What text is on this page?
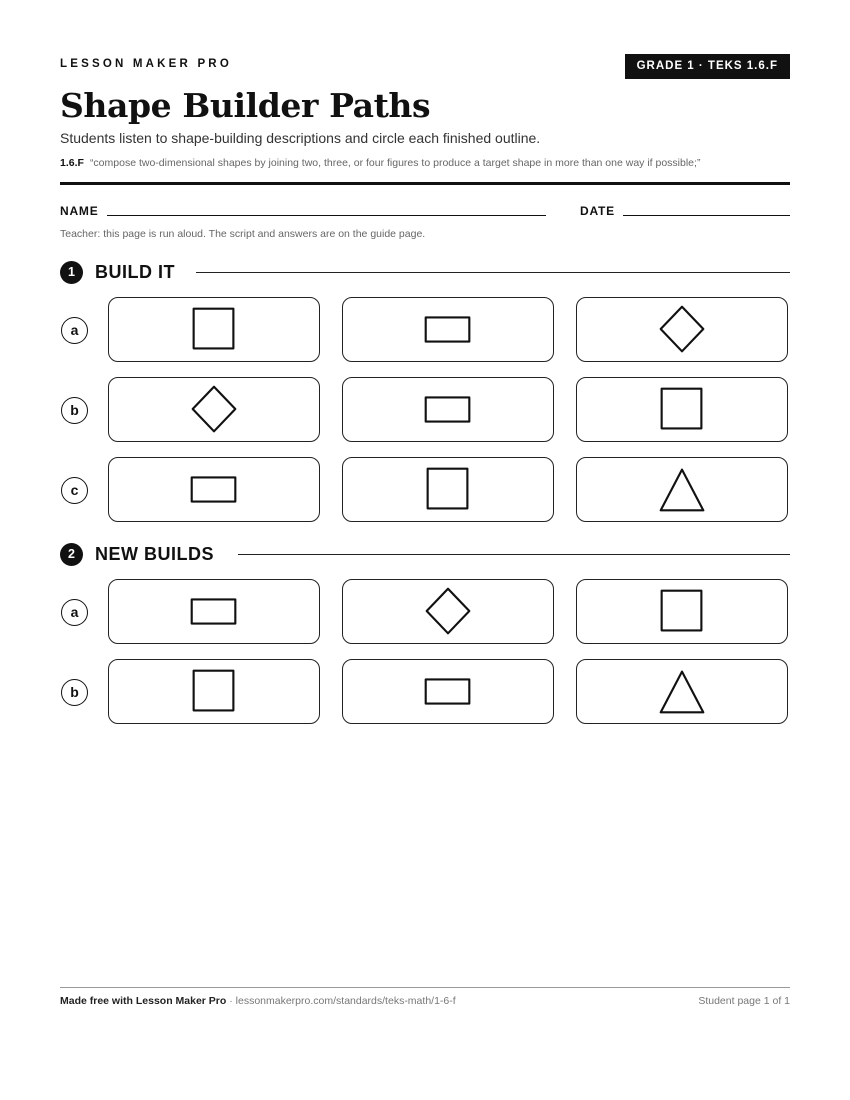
LESSON MAKER PRO	GRADE 1 · TEKS 1.6.F
Shape Builder Paths
Students listen to shape-building descriptions and circle each finished outline.
1.6.F “compose two-dimensional shapes by joining two, three, or four figures to produce a target shape in more than one way if possible;”
NAME	DATE
Teacher: this page is run aloud. The script and answers are on the guide page.
1	BUILD IT
a
b
c
2	NEW BUILDS
a
b
Made free with Lesson Maker Pro · lessonmakerpro.com/standards/teks-math/1-6-f	Student page 1 of 1
